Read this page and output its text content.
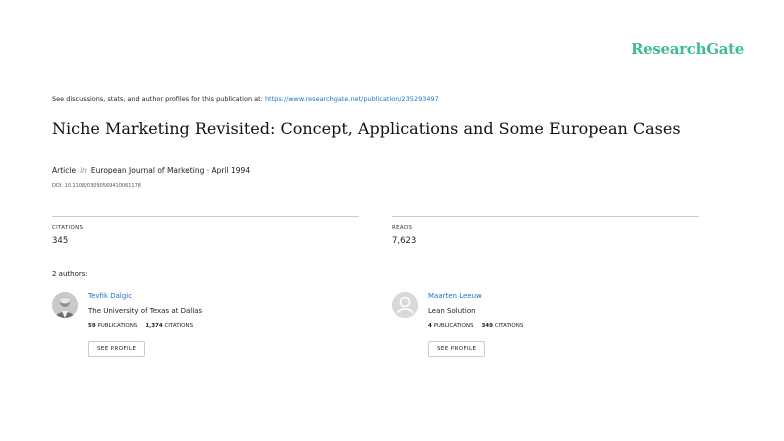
ResearchGate
See discussions, stats, and author profiles for this publication at: https://www.researchgate.net/publication/235293497
Niche Marketing Revisited: Concept, Applications and Some European Cases
Article in European Journal of Marketing · April 1994
DOI: 10.1108/03090569410061178
CITATIONS
345
READS
7,623
2 authors:
Tevfik Dalgic
The University of Texas at Dallas
59 PUBLICATIONS 1,374 CITATIONS
SEE PROFILE
Maarten Leeuw
Lean Solution
4 PUBLICATIONS 349 CITATIONS
SEE PROFILE
